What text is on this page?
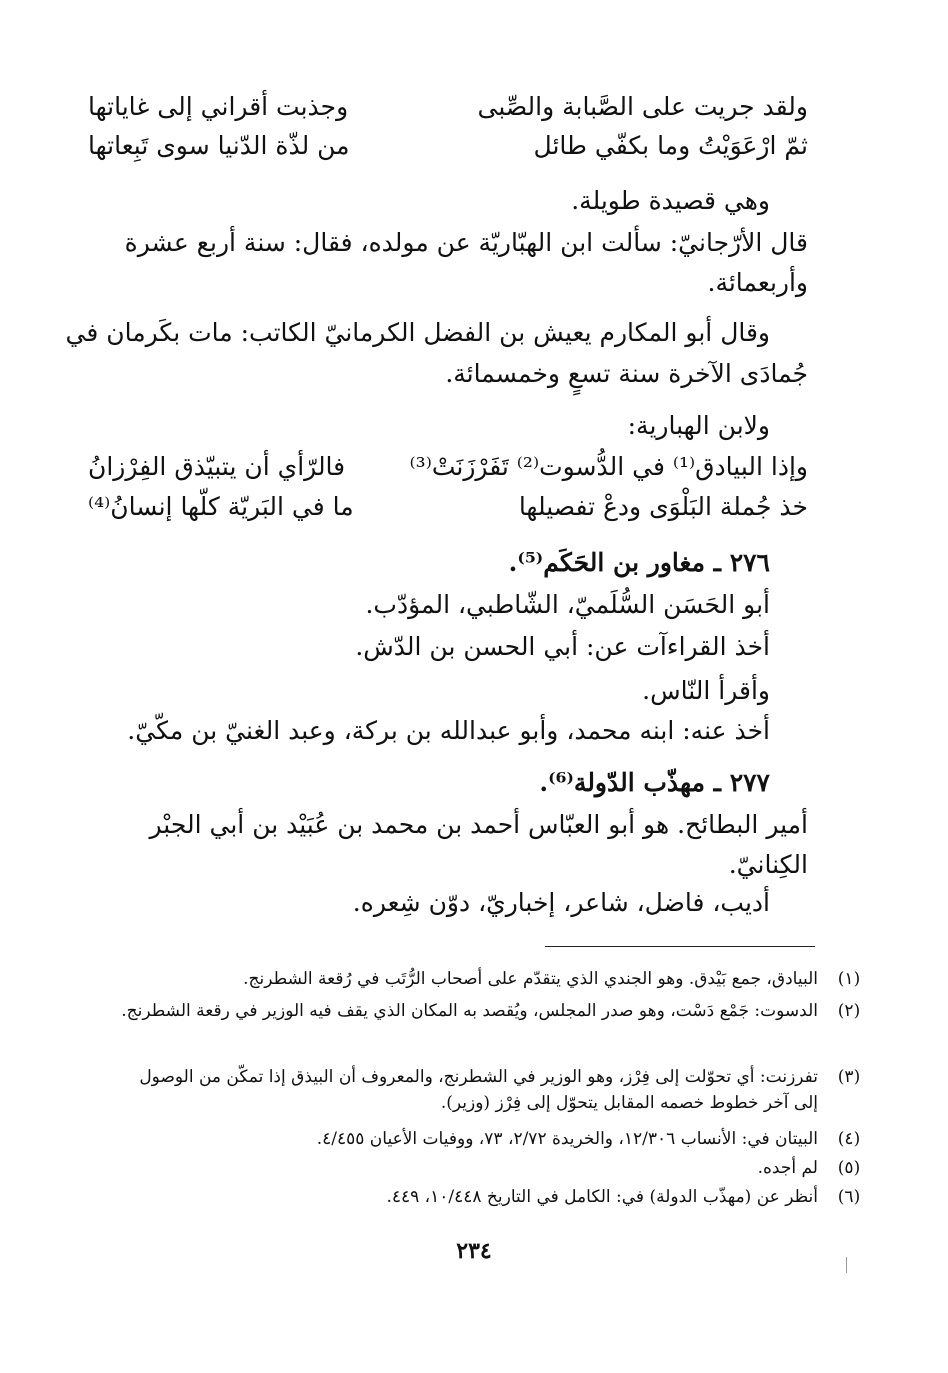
ولقد جريت على الصَّبابة والصِّبى
وجذبت أقراني إلى غاياتها
ثمّ ارْعَوَيْتُ وما بكفّي طائل
من لذّة الدّنيا سوى تَبِعاتها
وهي قصيدة طويلة.
قال الأرّجانيّ: سألت ابن الهبّاريّة عن مولده، فقال: سنة أربع عشرة
وأربعمائة.
وقال أبو المكارم يعيش بن الفضل الكرمانيّ الكاتب: مات بكَرمان في
جُمادَى الآخرة سنة تسعٍ وخمسمائة.
ولابن الهبارية:
وإذا البيادق⁽¹⁾ في الدُّسوت⁽²⁾ تَفَرْزَنَتْ⁽³⁾
فالرّأي أن يتبيّذق الفِرْزانُ
خذ جُملة البَلْوَى ودعْ تفصيلها
ما في البَريّة كلّها إنسانُ⁽⁴⁾
٢٧٦ ـ مغاور بن الحَكَم⁽⁵⁾.
أبو الحَسَن السُّلَميّ، الشّاطبي، المؤدّب.
أخذ القراءآت عن: أبي الحسن بن الدّش.
وأقرأ النّاس.
أخذ عنه: ابنه محمد، وأبو عبدالله بن بركة، وعبد الغنيّ بن مكّيّ.
٢٧٧ ـ مهذّب الدّولة⁽⁶⁾.
أمير البطائح. هو أبو العبّاس أحمد بن محمد بن عُبَيْد بن أبي الجبْر
الكِنانيّ.
أديب، فاضل، شاعر، إخباريّ، دوّن شِعره.
(١)
البيادق، جمع بَيْدق. وهو الجندي الذي يتقدّم على أصحاب الرُّتَب في رُقعة الشطرنج.
(٢)
الدسوت: جَمْع دَسْت، وهو صدر المجلس، ويُقصد به المكان الذي يقف فيه الوزير في رقعة الشطرنج.
(٣)
تفرزنت: أي تحوّلت إلى فِرْز، وهو الوزير في الشطرنج، والمعروف أن البيذق إذا تمكّن من الوصول إلى آخر خطوط خصمه المقابل يتحوّل إلى فِرْز (وزير).
(٤)
البيتان في: الأنساب ١٢/٣٠٦، والخريدة ٢/٧٢، ٧٣، ووفيات الأعيان ٤/٤٥٥.
(٥)
لم أجده.
(٦)
أنظر عن (مهذّب الدولة) في: الكامل في التاريخ ١٠/٤٤٨، ٤٤٩.
٢٣٤
